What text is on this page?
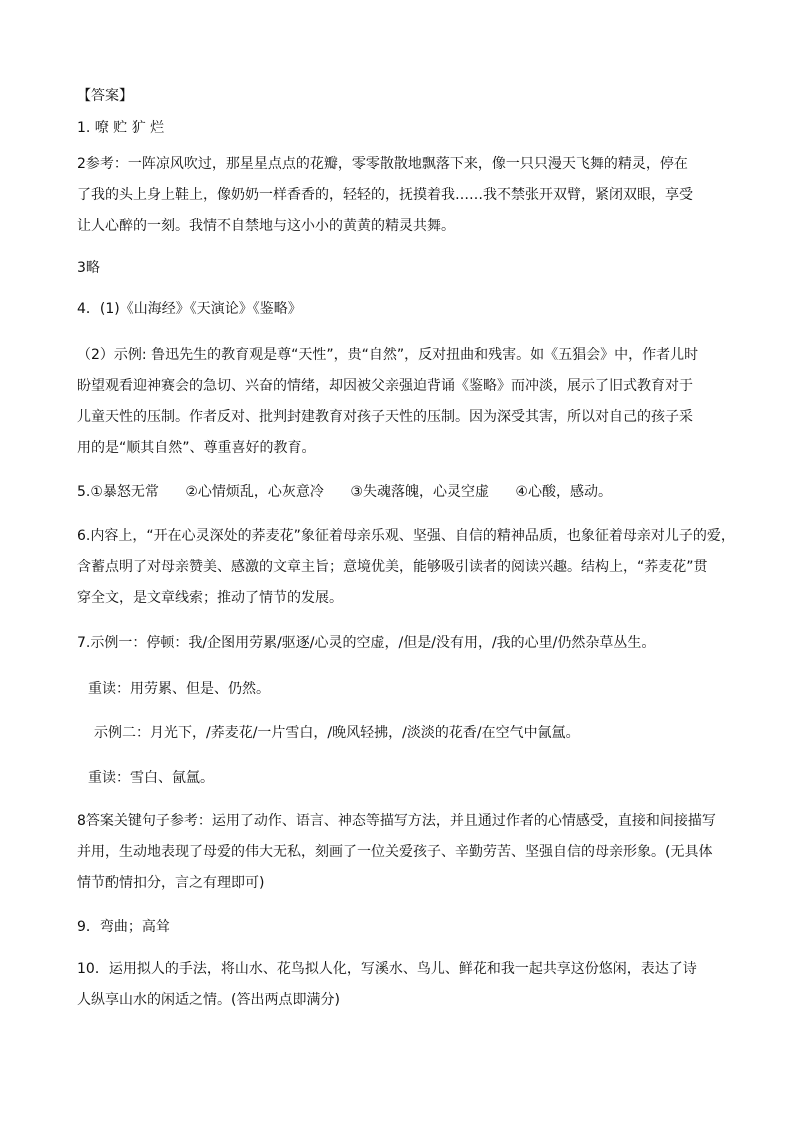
【答案】
1. 嘹 贮 犷 烂
2参考：一阵凉风吹过，那星星点点的花瓣，零零散散地飘落下来，像一只只漫天飞舞的精灵，停在
了我的头上身上鞋上，像奶奶一样香香的，轻轻的，抚摸着我……我不禁张开双臂，紧闭双眼，享受
让人心醉的一刻。我情不自禁地与这小小的黄黄的精灵共舞。
3略
4．(1)《山海经》《天演论》《鉴略》
（2）示例: 鲁迅先生的教育观是尊“天性”，贵“自然”，反对扭曲和残害。如《五猖会》中，作者儿时
盼望观看迎神赛会的急切、兴奋的情绪，却因被父亲强迫背诵《鉴略》而冲淡，展示了旧式教育对于
儿童天性的压制。作者反对、批判封建教育对孩子天性的压制。因为深受其害，所以对自己的孩子采
用的是“顺其自然”、尊重喜好的教育。
5.①暴怒无常 ②心情烦乱，心灰意冷 ③失魂落魄，心灵空虚 ④心酸，感动。
6.内容上，“开在心灵深处的荞麦花”象征着母亲乐观、坚强、自信的精神品质，也象征着母亲对儿子的爱，
含蓄点明了对母亲赞美、感激的文章主旨；意境优美，能够吸引读者的阅读兴趣。结构上，“荞麦花”贯
穿全文，是文章线索；推动了情节的发展。
7.示例一：停顿：我/企图用劳累/驱逐/心灵的空虚，/但是/没有用，/我的心里/仍然杂草丛生。
重读：用劳累、但是、仍然。
示例二：月光下，/荞麦花/一片雪白，/晚风轻拂，/淡淡的花香/在空气中氤氲。
重读：雪白、氤氲。
8答案关键句子参考：运用了动作、语言、神态等描写方法，并且通过作者的心情感受，直接和间接描写
并用，生动地表现了母爱的伟大无私，刻画了一位关爱孩子、辛勤劳苦、坚强自信的母亲形象。(无具体
情节酌情扣分，言之有理即可)
9．弯曲；高耸
10．运用拟人的手法，将山水、花鸟拟人化，写溪水、鸟儿、鲜花和我一起共享这份悠闲，表达了诗
人纵享山水的闲适之情。(答出两点即满分)
